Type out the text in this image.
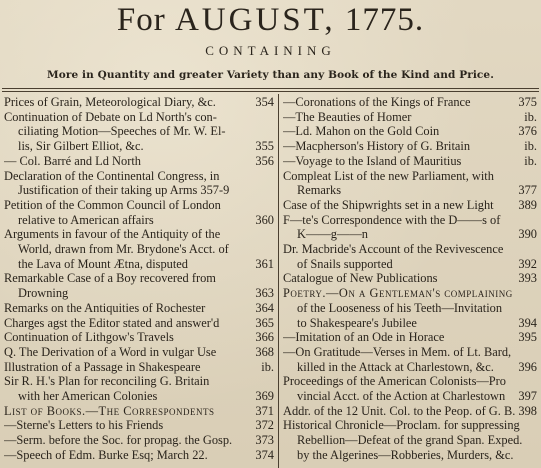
For AUGUST, 1775.
CONTAINING
More in Quantity and greater Variety than any Book of the Kind and Price.
Prices of Grain, Meteorological Diary, &c.	354
Continuation of Debate on Ld North's con-
ciliating Motion—Speeches of Mr. W. El-
lis, Sir Gilbert Elliot, &c.	355
— Col. Barré and Ld North	356
Declaration of the Continental Congress, in
Justification of their taking up Arms 357-9
Petition of the Common Council of London
relative to American affairs	360
Arguments in favour of the Antiquity of the
World, drawn from Mr. Brydone's Acct. of
the Lava of Mount Ætna, disputed	361
Remarkable Case of a Boy recovered from
Drowning	363
Remarks on the Antiquities of Rochester	364
Charges agst the Editor stated and answer'd	365
Continuation of Lithgow's Travels	366
Q. The Derivation of a Word in vulgar Use	368
Illustration of a Passage in Shakespeare	ib.
Sir R. H.'s Plan for reconciling G. Britain
with her American Colonies	369
List of Books.—The Correspondents	371
—Sterne's Letters to his Friends	372
—Serm. before the Soc. for propag. the Gosp.	373
—Speech of Edm. Burke Esq; March 22.	374
—Coronations of the Kings of France	375
—The Beauties of Homer	ib.
—Ld. Mahon on the Gold Coin	376
—Macpherson's History of G. Britain	ib.
—Voyage to the Island of Mauritius	ib.
Compleat List of the new Parliament, with
Remarks	377
Case of the Shipwrights set in a new Light	389
F—te's Correspondence with the D——s of
K——g——n	390
Dr. Macbride's Account of the Revivescence
of Snails supported	392
Catalogue of New Publications	393
Poetry.—On a Gentleman's complaining
of the Looseness of his Teeth—Invitation
to Shakespeare's Jubilee	394
—Imitation of an Ode in Horace	395
—On Gratitude—Verses in Mem. of Lt. Bard,
killed in the Attack at Charlestown, &c.	396
Proceedings of the American Colonists—Pro
vincial Acct. of the Action at Charlestown	397
Addr. of the 12 Unit. Col. to the Peop. of G. B. 398
Historical Chronicle—Proclam. for suppressing
Rebellion—Defeat of the grand Span. Exped.
by the Algerines—Robberies, Murders, &c.
